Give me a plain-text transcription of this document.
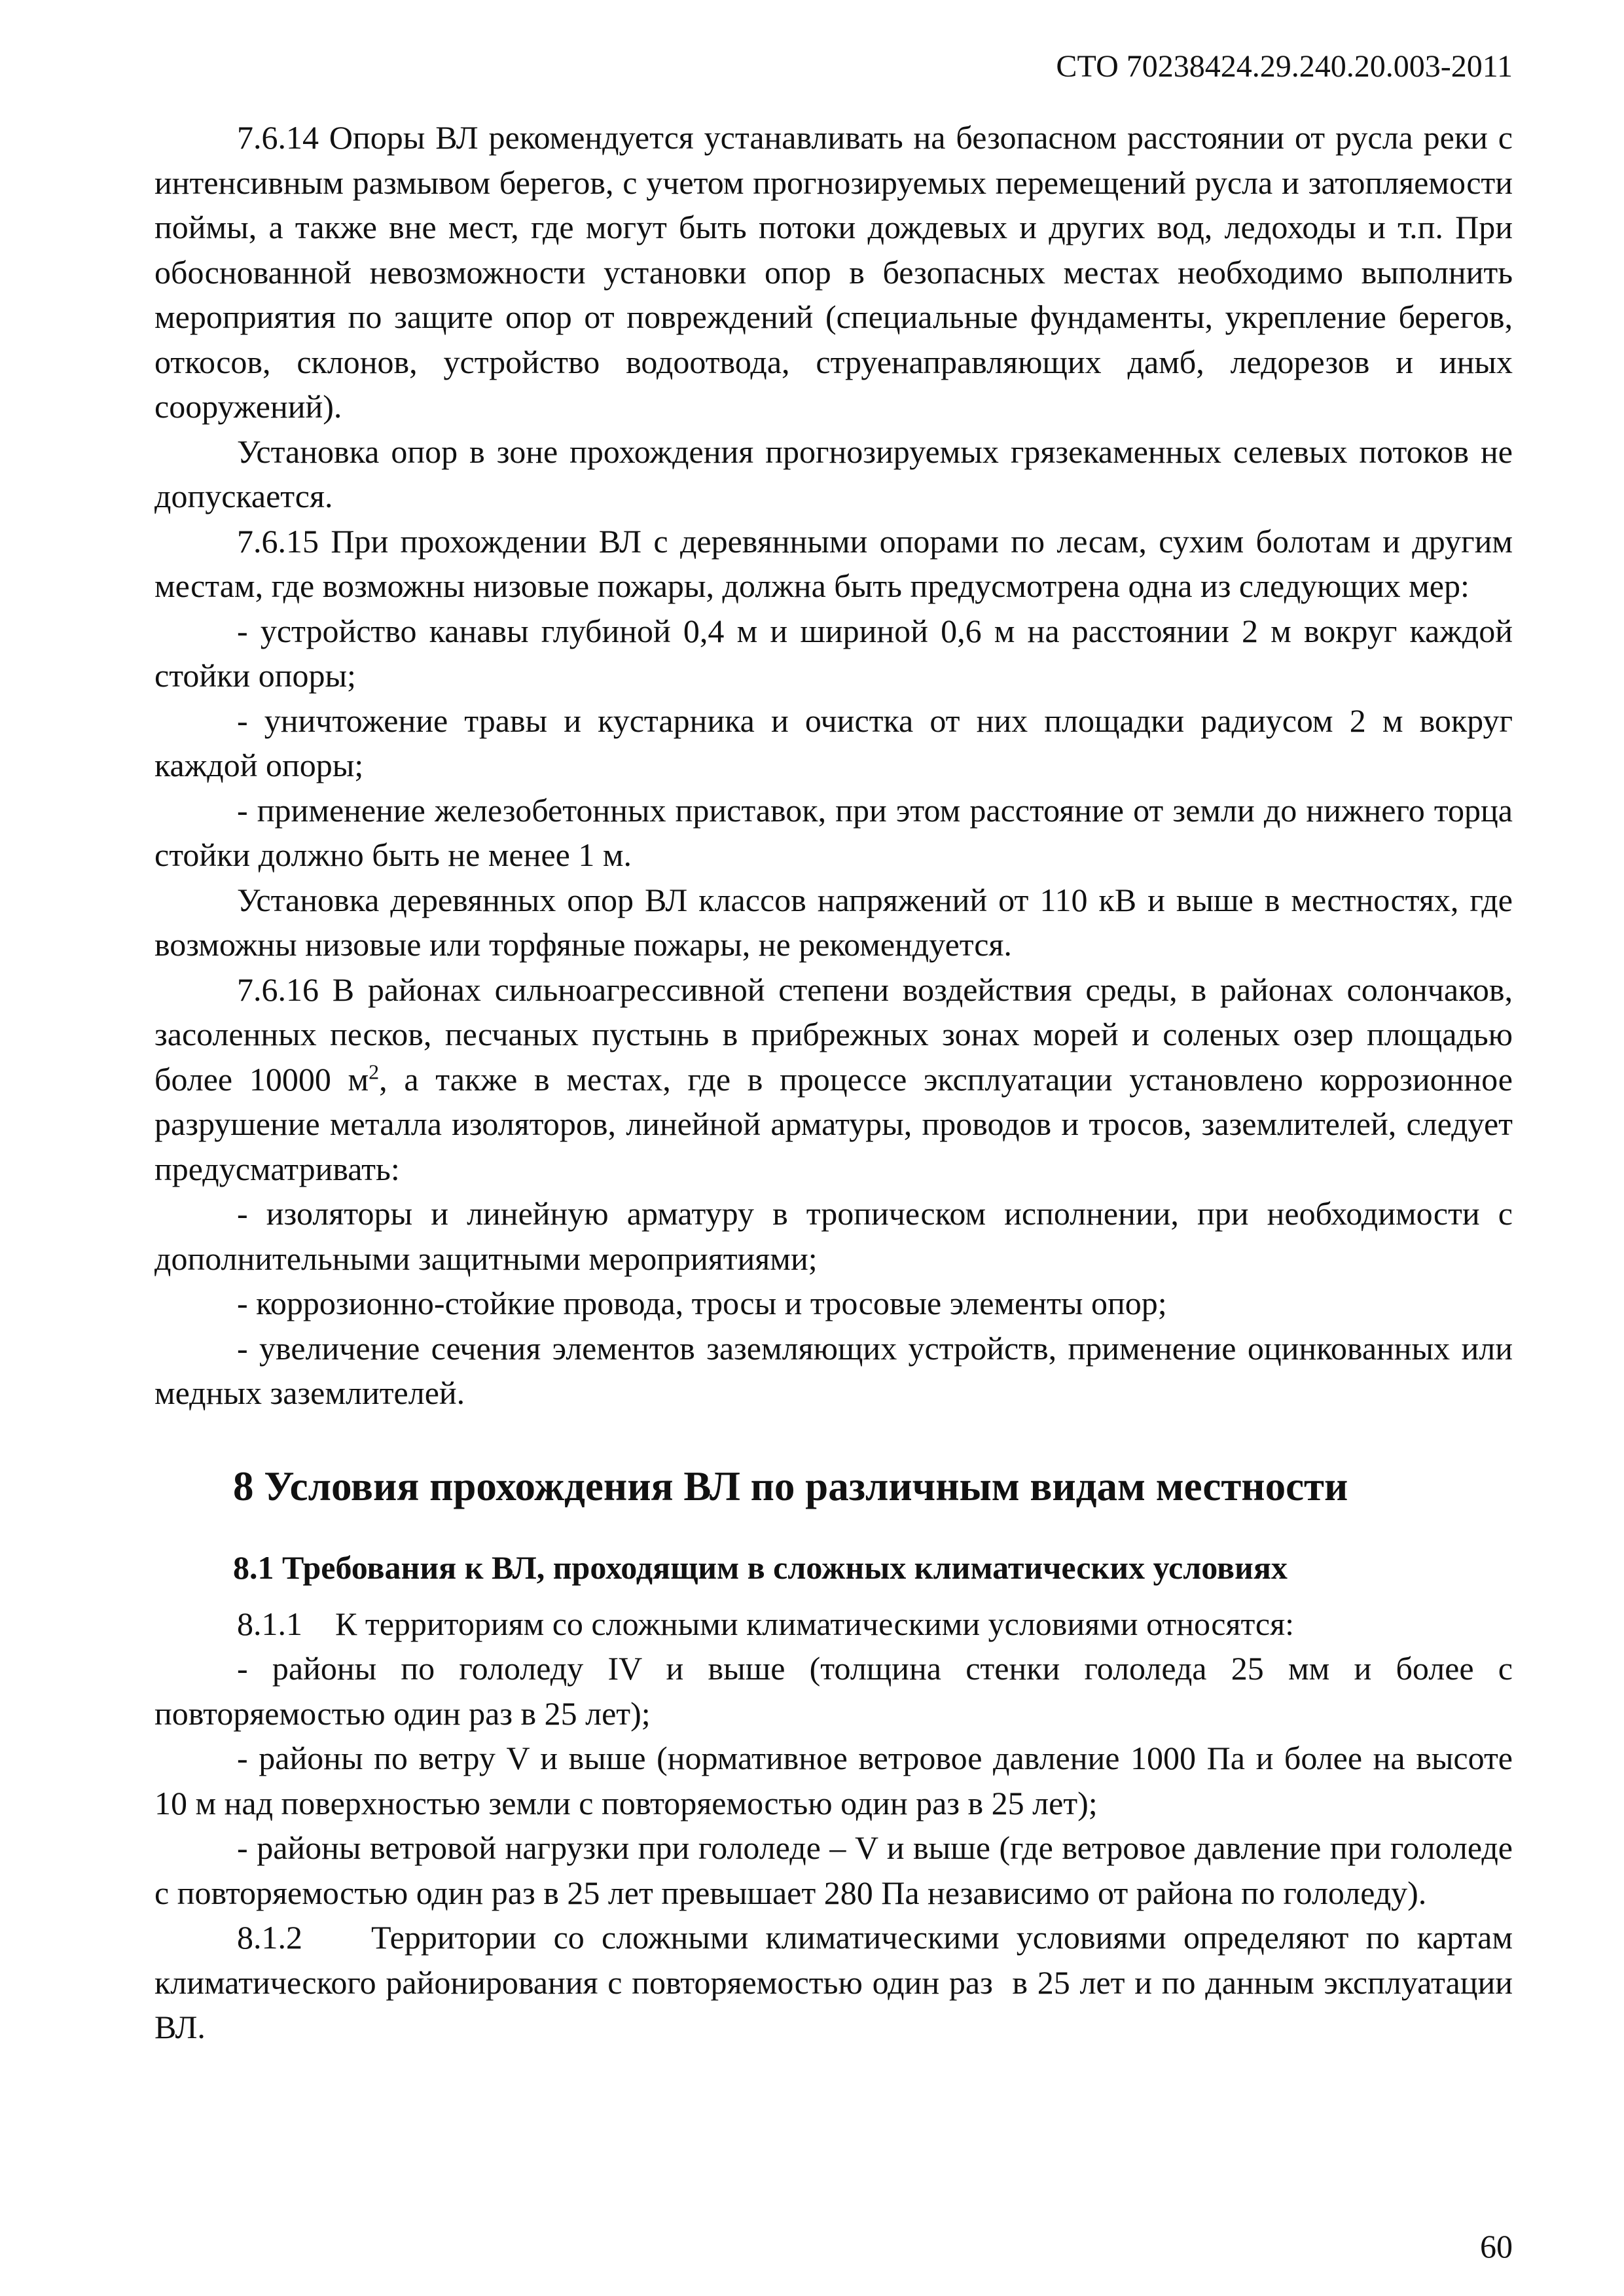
СТО 70238424.29.240.20.003-2011

7.6.14 Опоры ВЛ рекомендуется устанавливать на безопасном расстоянии от русла реки с интенсивным размывом берегов, с учетом прогнозируемых перемещений русла и затопляемости поймы, а также вне мест, где могут быть потоки дождевых и других вод, ледоходы и т.п. При обоснованной невозможности установки опор в безопасных местах необходимо выполнить мероприятия по защите опор от повреждений (специальные фундаменты, укрепление берегов, откосов, склонов, устройство водоотвода, струенаправляющих дамб, ледорезов и иных сооружений).

Установка опор в зоне прохождения прогнозируемых грязекаменных селевых потоков не допускается.

7.6.15 При прохождении ВЛ с деревянными опорами по лесам, сухим болотам и другим местам, где возможны низовые пожары, должна быть предусмотрена одна из следующих мер:

- устройство канавы глубиной 0,4 м и шириной 0,6 м на расстоянии 2 м вокруг каждой стойки опоры;

- уничтожение травы и кустарника и очистка от них площадки радиусом 2 м вокруг каждой опоры;

- применение железобетонных приставок, при этом расстояние от земли до нижнего торца стойки должно быть не менее 1 м.

Установка деревянных опор ВЛ классов напряжений от 110 кВ и выше в местностях, где возможны низовые или торфяные пожары, не рекомендуется.

7.6.16 В районах сильноагрессивной степени воздействия среды, в районах солончаков, засоленных песков, песчаных пустынь в прибрежных зонах морей и соленых озер площадью более 10000 $м^2$, а также в местах, где в процессе эксплуатации установлено коррозионное разрушение металла изоляторов, линейной арматуры, проводов и тросов, заземлителей, следует предусматривать:

- изоляторы и линейную арматуру в тропическом исполнении, при необходимости с дополнительными защитными мероприятиями;

- коррозионно-стойкие провода, тросы и тросовые элементы опор;

- увеличение сечения элементов заземляющих устройств, применение оцинкованных или медных заземлителей.

8 Условия прохождения ВЛ по различным видам местности
8.1 Требования к ВЛ, проходящим в сложных климатических условиях

8.1.1    К территориям со сложными климатическими условиями относятся:

- районы по гололеду IV и выше (толщина стенки гололеда 25 мм и более с повторяемостью один раз в 25 лет);

- районы по ветру V и выше (нормативное ветровое давление 1000 Па и более на высоте 10 м над поверхностью земли с повторяемостью один раз в 25 лет);

- районы ветровой нагрузки при гололеде – V и выше (где ветровое давление при гололеде с повторяемостью один раз в 25 лет превышает 280 Па независимо от района по гололеду).

8.1.2    Территории со сложными климатическими условиями определяют по картам климатического районирования с повторяемостью один раз  в 25 лет и по данным эксплуатации ВЛ.

60
